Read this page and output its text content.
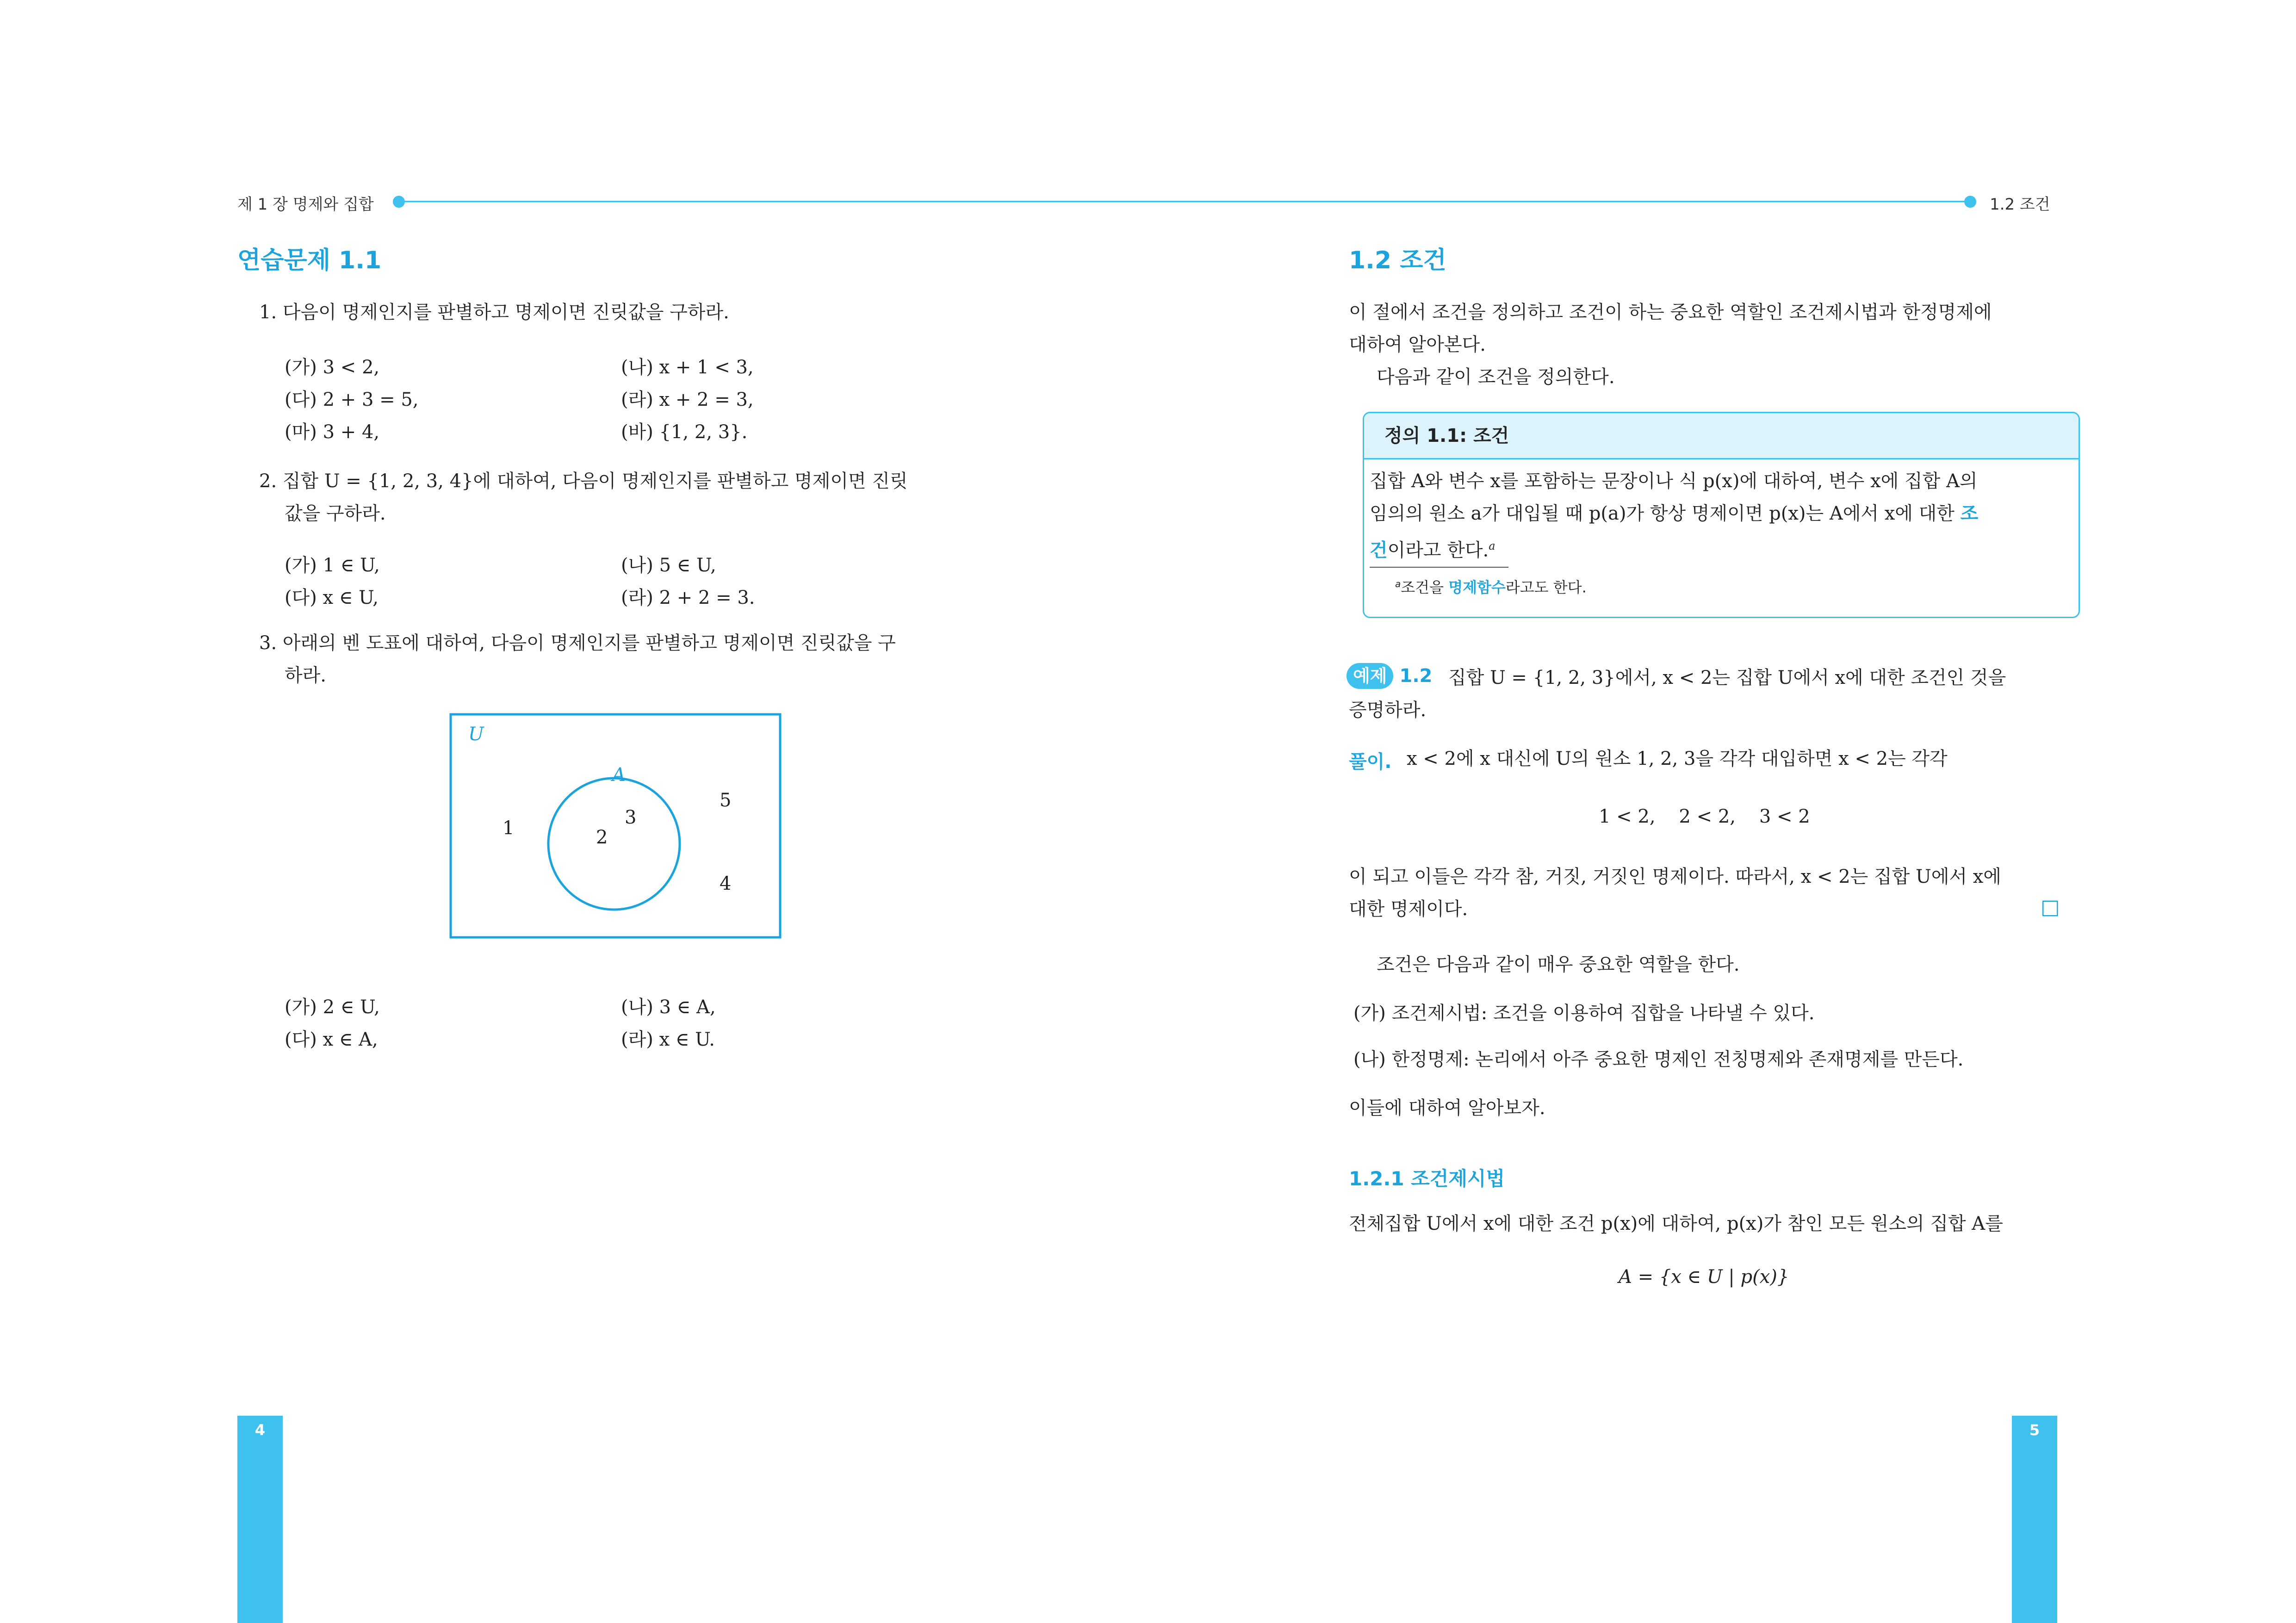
제 1 장 명제와 집합	1.2 조건
연습문제 1.1
1. 다음이 명제인지를 판별하고 명제이면 진릿값을 구하라.
(가) 3 < 2,	(나) x + 1 < 3,
(다) 2 + 3 = 5,	(라) x + 2 = 3,
(마) 3 + 4,	(바) {1, 2, 3}.
2. 집합 U = {1, 2, 3, 4}에 대하여, 다음이 명제인지를 판별하고 명제이면 진릿
값을 구하라.
(가) 1 ∈ U,	(나) 5 ∈ U,
(다) x ∈ U,	(라) 2 + 2 = 3.
3. 아래의 벤 도표에 대하여, 다음이 명제인지를 판별하고 명제이면 진릿값을 구
하라.
U
A
3
2
1
5
4
(가) 2 ∈ U,	(나) 3 ∈ A,
(다) x ∈ A,	(라) x ∈ U.
4
1.2 조건
이 절에서 조건을 정의하고 조건이 하는 중요한 역할인 조건제시법과 한정명제에
대하여 알아본다.
다음과 같이 조건을 정의한다.
정의 1.1: 조건
집합 A와 변수 x를 포함하는 문장이나 식 p(x)에 대하여, 변수 x에 집합 A의
임의의 원소 a가 대입될 때 p(a)가 항상 명제이면 p(x)는 A에서 x에 대한 조
건이라고 한다.$^a$
$^a$조건을 명제함수라고도 한다.
예제 1.2 집합 U = {1, 2, 3}에서, x < 2는 집합 U에서 x에 대한 조건인 것을
증명하라.
풀이. x < 2에 x 대신에 U의 원소 1, 2, 3을 각각 대입하면 x < 2는 각각
1 < 2,    2 < 2,    3 < 2
이 되고 이들은 각각 참, 거짓, 거짓인 명제이다. 따라서, x < 2는 집합 U에서 x에
대한 명제이다.	□
조건은 다음과 같이 매우 중요한 역할을 한다.
(가) 조건제시법: 조건을 이용하여 집합을 나타낼 수 있다.
(나) 한정명제: 논리에서 아주 중요한 명제인 전칭명제와 존재명제를 만든다.
이들에 대하여 알아보자.
1.2.1 조건제시법
전체집합 U에서 x에 대한 조건 p(x)에 대하여, p(x)가 참인 모든 원소의 집합 A를
A = {x ∈ U | p(x)}
5
